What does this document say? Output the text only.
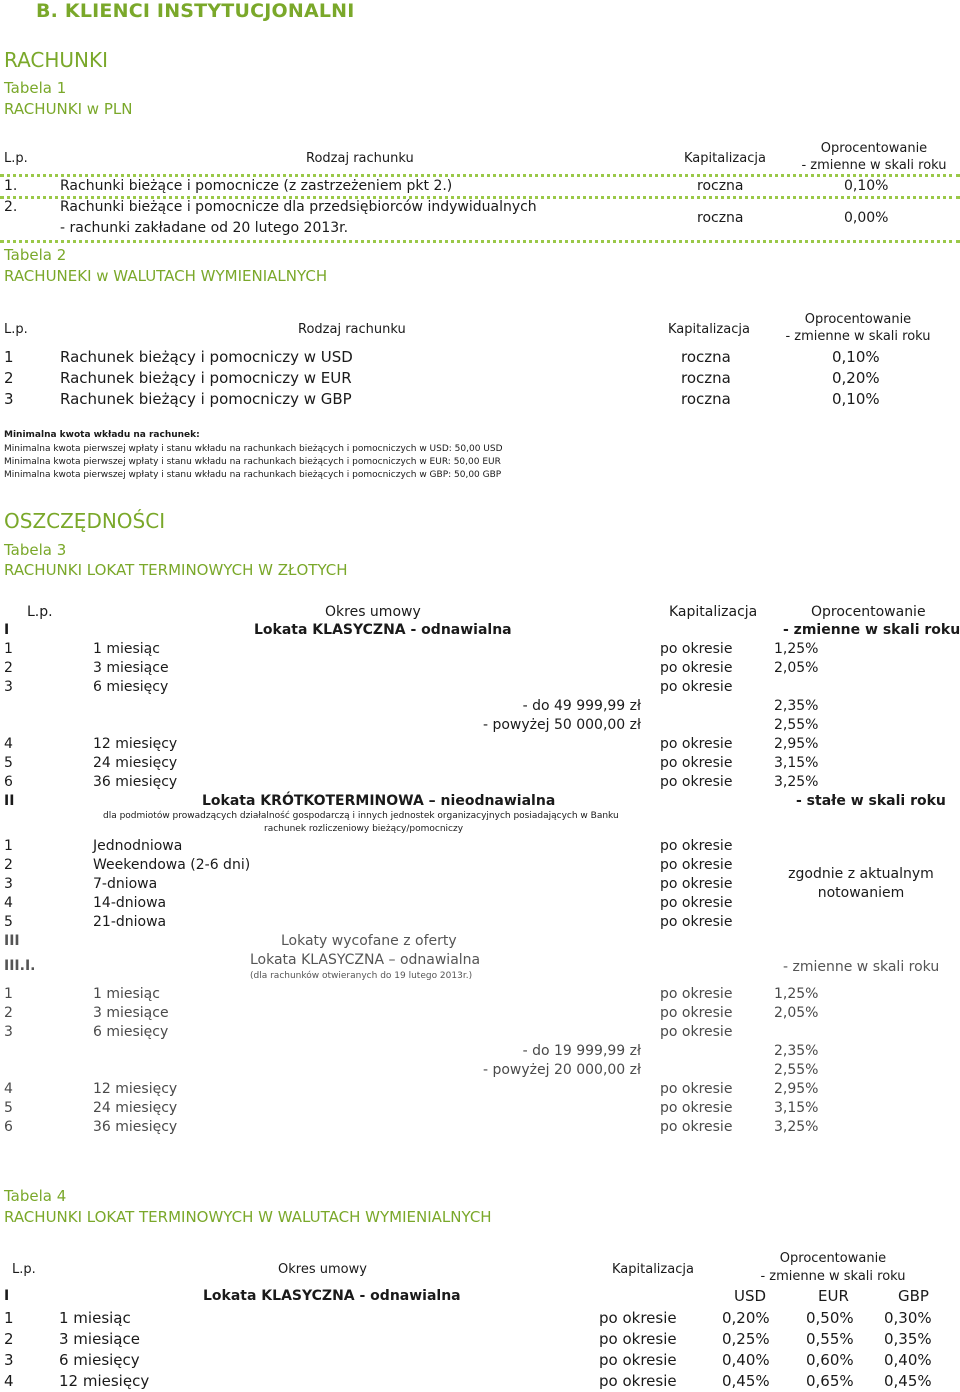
B. KLIENCI INSTYTUCJONALNI
RACHUNKI
Tabela 1
RACHUNKI w PLN
L.p.	Rodzaj rachunku	Kapitalizacja
Oprocentowanie
- zmienne w skali roku
1.	Rachunki bieżące i pomocnicze (z zastrzeżeniem pkt 2.)	roczna	0,10%
2.	Rachunki bieżące i pomocnicze dla przedsiębiorców indywidualnych
- rachunki zakładane od 20 lutego 2013r.
roczna	0,00%
Tabela 2
RACHUNEKI w WALUTACH WYMIENIALNYCH
L.p.	Rodzaj rachunku	Kapitalizacja
Oprocentowanie
- zmienne w skali roku
1	Rachunek bieżący i pomocniczy w USD	roczna	0,10%
2	Rachunek bieżący i pomocniczy w EUR	roczna	0,20%
3	Rachunek bieżący i pomocniczy w GBP	roczna	0,10%
Minimalna kwota wkładu na rachunek:
Minimalna kwota pierwszej wpłaty i stanu wkładu na rachunkach bieżących i pomocniczych w USD: 50,00 USD
Minimalna kwota pierwszej wpłaty i stanu wkładu na rachunkach bieżących i pomocniczych w EUR: 50,00 EUR
Minimalna kwota pierwszej wpłaty i stanu wkładu na rachunkach bieżących i pomocniczych w GBP: 50,00 GBP
OSZCZĘDNOŚCI
Tabela 3
RACHUNKI LOKAT TERMINOWYCH W ZŁOTYCH
L.p.	Okres umowy	Kapitalizacja	Oprocentowanie
I	Lokata KLASYCZNA - odnawialna	- zmienne w skali roku
1	1 miesiąc	po okresie	1,25%
2	3 miesiące	po okresie	2,05%
3	6 miesięcy	po okresie
- do 49 999,99 zł	2,35%
- powyżej 50 000,00 zł	2,55%
4	12 miesięcy	po okresie	2,95%
5	24 miesięcy	po okresie	3,15%
6	36 miesięcy	po okresie	3,25%
II	Lokata KRÓTKOTERMINOWA – nieodnawialna	- stałe w skali roku
dla podmiotów prowadzących działalność gospodarczą i innych jednostek organizacyjnych posiadających w Banku
rachunek rozliczeniowy bieżący/pomocniczy
1	Jednodniowa	po okresie
2	Weekendowa (2-6 dni)	po okresie
3	7-dniowa	po okresie
4	14-dniowa	po okresie
5	21-dniowa	po okresie
zgodnie z aktualnym
notowaniem
III	Lokaty wycofane z oferty
III.I.	Lokata KLASYCZNA – odnawialna
(dla rachunków otwieranych do 19 lutego 2013r.)
- zmienne w skali roku
1	1 miesiąc	po okresie	1,25%
2	3 miesiące	po okresie	2,05%
3	6 miesięcy	po okresie
- do 19 999,99 zł	2,35%
- powyżej 20 000,00 zł	2,55%
4	12 miesięcy	po okresie	2,95%
5	24 miesięcy	po okresie	3,15%
6	36 miesięcy	po okresie	3,25%
Tabela 4
RACHUNKI LOKAT TERMINOWYCH W WALUTACH WYMIENIALNYCH
L.p.	Okres umowy	Kapitalizacja
Oprocentowanie
- zmienne w skali roku
I	Lokata KLASYCZNA - odnawialna	USD	EUR	GBP
1	1 miesiąc	po okresie	0,20% 0,50% 0,30%
2	3 miesiące	po okresie	0,25% 0,55% 0,35%
3	6 miesięcy	po okresie	0,40% 0,60% 0,40%
4	12 miesięcy	po okresie	0,45% 0,65% 0,45%
